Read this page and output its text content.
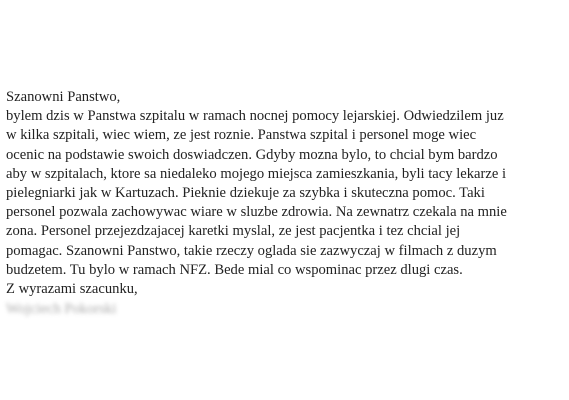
Szanowni Panstwo,
bylem dzis w Panstwa szpitalu w ramach nocnej pomocy lejarskiej. Odwiedzilem juz
w kilka szpitali, wiec wiem, ze jest roznie. Panstwa szpital i personel moge wiec
ocenic na podstawie swoich doswiadczen. Gdyby mozna bylo, to chcial bym bardzo
aby w szpitalach, ktore sa niedaleko mojego miejsca zamieszkania, byli tacy lekarze i
pielegniarki jak w Kartuzach. Pieknie dziekuje za szybka i skuteczna pomoc. Taki
personel pozwala zachowywac wiare w sluzbe zdrowia. Na zewnatrz czekala na mnie
zona. Personel przejezdzajacej karetki myslal, ze jest pacjentka i tez chcial jej
pomagac. Szanowni Panstwo, takie rzeczy oglada sie zazwyczaj w filmach z duzym
budzetem. Tu bylo w ramach NFZ. Bede mial co wspominac przez dlugi czas.
Z wyrazami szacunku,
Wojciech Pokorski
